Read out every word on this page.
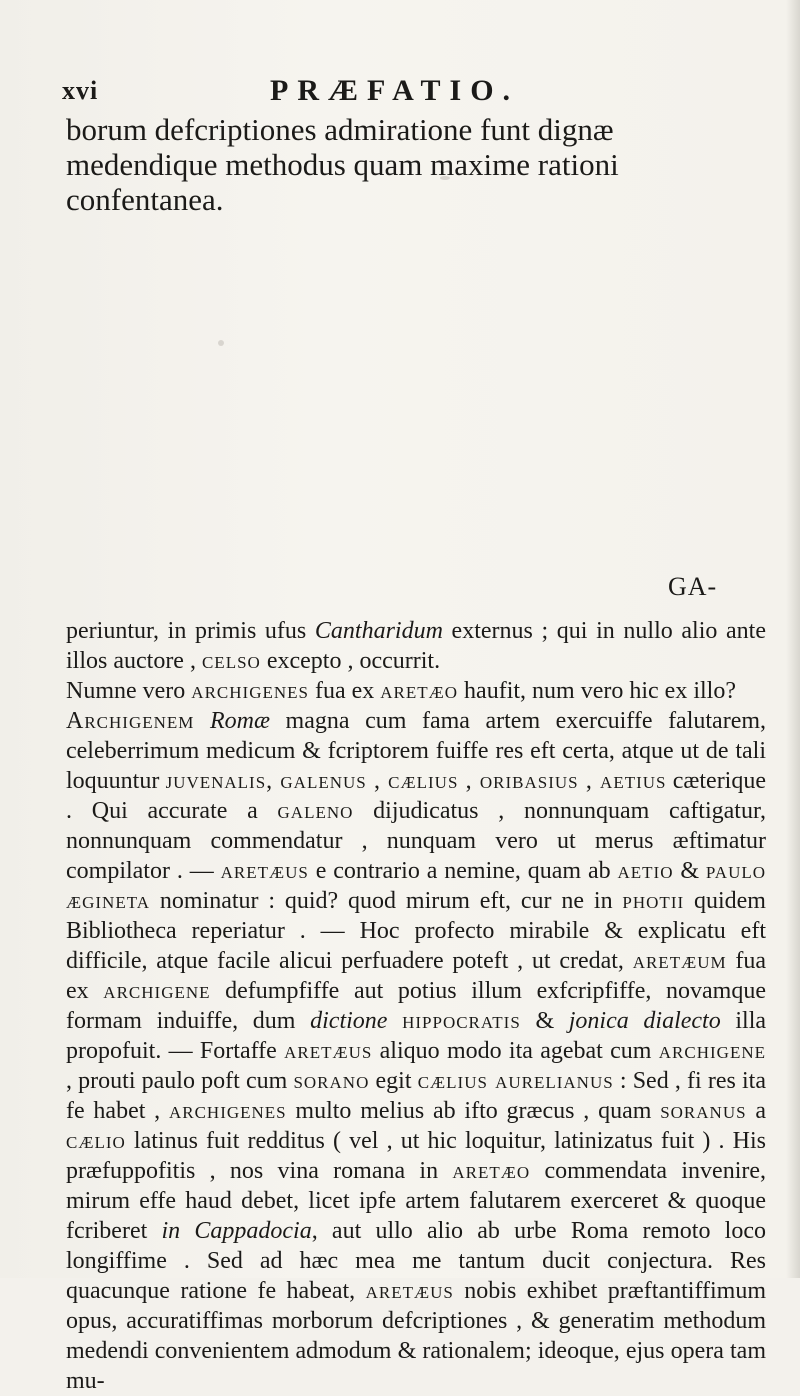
xvi	PRÆFATIO.

borum defcriptiones admiratione funt dignæ

medendique methodus quam maxime rationi

confentanea.

GA-

periuntur, in primis ufus Cantharidum externus ; qui in nullo alio ante illos auctore , celso excepto , occurrit.

Numne vero archigenes fua ex aretæo haufit, num vero hic ex illo?

Archigenem Romæ magna cum fama artem exercuiffe falutarem, celeberrimum medicum & fcriptorem fuiffe res eft certa, atque ut de tali loquuntur juvenalis, galenus , cælius , oribasius , aetius cæterique . Qui accurate a galeno dijudicatus , nonnunquam caftigatur, nonnunquam commendatur , nunquam vero ut merus æftimatur compilator . — aretæus e contrario a nemine, quam ab aetio & paulo ægineta nominatur : quid? quod mirum eft, cur ne in photii quidem Bibliotheca reperiatur . — Hoc profecto mirabile & explicatu eft difficile, atque facile alicui perfuadere poteft , ut credat, aretæum fua ex archigene defumpfiffe aut potius illum exfcripfiffe, novamque formam induiffe, dum dictione hippocratis & jonica dialecto illa propofuit. — Fortaffe aretæus aliquo modo ita agebat cum archigene , prouti paulo poft cum sorano egit cælius aurelianus : Sed , fi res ita fe habet , archigenes multo melius ab ifto græcus , quam soranus a cælio latinus fuit redditus ( vel , ut hic loquitur, latinizatus fuit ) . His præfuppofitis , nos vina romana in aretæo commendata invenire, mirum effe haud debet, licet ipfe artem falutarem exerceret & quoque fcriberet in Cappadocia, aut ullo alio ab urbe Roma remoto loco longiffime . Sed ad hæc mea me tantum ducit conjectura. Res quacunque ratione fe habeat, aretæus nobis exhibet præftantiffimum opus, accuratiffimas morborum defcriptiones , & generatim methodum medendi convenientem admodum & rationalem; ideoque, ejus opera tam mu-
